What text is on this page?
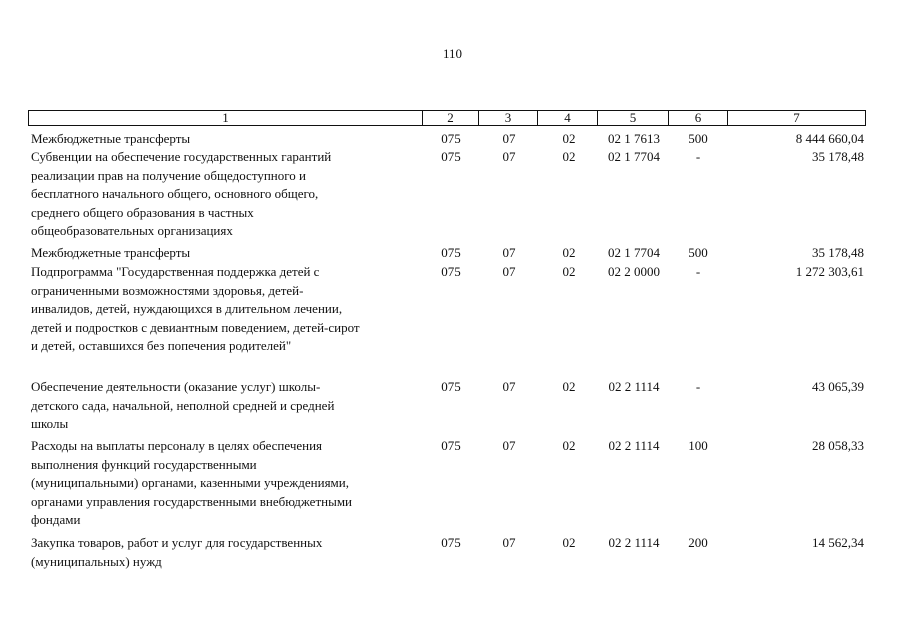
110
1	2	3	4	5	6	7
Межбюджетные трансферты	075	07	02	02 1 7613	500	8 444 660,04
Субвенции на обеспечение государственных гарантий
реализации прав на получение общедоступного и
бесплатного начального общего, основного общего,
среднего общего образования в частных
общеобразовательных организациях
075	07	02	02 1 7704	-	35 178,48
Межбюджетные трансферты	075	07	02	02 1 7704	500	35 178,48
Подпрограмма "Государственная поддержка детей с
ограниченными возможностями здоровья, детей-
инвалидов, детей, нуждающихся в длительном лечении,
детей и подростков с девиантным поведением, детей-сирот
и детей, оставшихся без попечения родителей"
075	07	02	02 2 0000	-	1 272 303,61
Обеспечение деятельности (оказание услуг) школы-
детского сада, начальной, неполной средней и средней
школы
075	07	02	02 2 1114	-	43 065,39
Расходы на выплаты персоналу в целях обеспечения
выполнения функций государственными
(муниципальными) органами, казенными учреждениями,
органами управления государственными внебюджетными
фондами
075	07	02	02 2 1114	100	28 058,33
Закупка товаров, работ и услуг для государственных
(муниципальных) нужд
075	07	02	02 2 1114	200	14 562,34
